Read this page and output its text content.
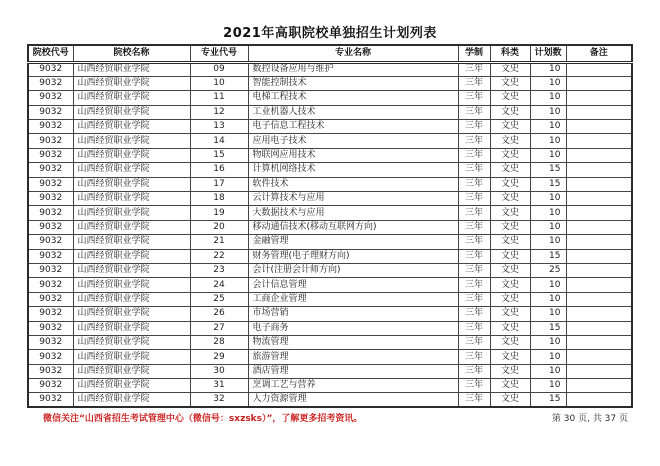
2021年高职院校单独招生计划列表
院校代号	院校名称	专业代号	专业名称	学制	科类	计划数	备注
9032	山西经贸职业学院	09	数控设备应用与维护	三年	文史	10	
9032	山西经贸职业学院	10	智能控制技术	三年	文史	10	
9032	山西经贸职业学院	11	电梯工程技术	三年	文史	10	
9032	山西经贸职业学院	12	工业机器人技术	三年	文史	10	
9032	山西经贸职业学院	13	电子信息工程技术	三年	文史	10	
9032	山西经贸职业学院	14	应用电子技术	三年	文史	10	
9032	山西经贸职业学院	15	物联网应用技术	三年	文史	10	
9032	山西经贸职业学院	16	计算机网络技术	三年	文史	15	
9032	山西经贸职业学院	17	软件技术	三年	文史	15	
9032	山西经贸职业学院	18	云计算技术与应用	三年	文史	10	
9032	山西经贸职业学院	19	大数据技术与应用	三年	文史	10	
9032	山西经贸职业学院	20	移动通信技术(移动互联网方向)	三年	文史	10	
9032	山西经贸职业学院	21	金融管理	三年	文史	10	
9032	山西经贸职业学院	22	财务管理(电子理财方向)	三年	文史	15	
9032	山西经贸职业学院	23	会计(注册会计师方向)	三年	文史	25	
9032	山西经贸职业学院	24	会计信息管理	三年	文史	10	
9032	山西经贸职业学院	25	工商企业管理	三年	文史	10	
9032	山西经贸职业学院	26	市场营销	三年	文史	10	
9032	山西经贸职业学院	27	电子商务	三年	文史	15	
9032	山西经贸职业学院	28	物流管理	三年	文史	10	
9032	山西经贸职业学院	29	旅游管理	三年	文史	10	
9032	山西经贸职业学院	30	酒店管理	三年	文史	10	
9032	山西经贸职业学院	31	烹调工艺与营养	三年	文史	10	
9032	山西经贸职业学院	32	人力资源管理	三年	文史	15	
微信关注“山西省招生考试管理中心（微信号：sxzsks）”，了解更多招考资讯。	第 30 页, 共 37 页
